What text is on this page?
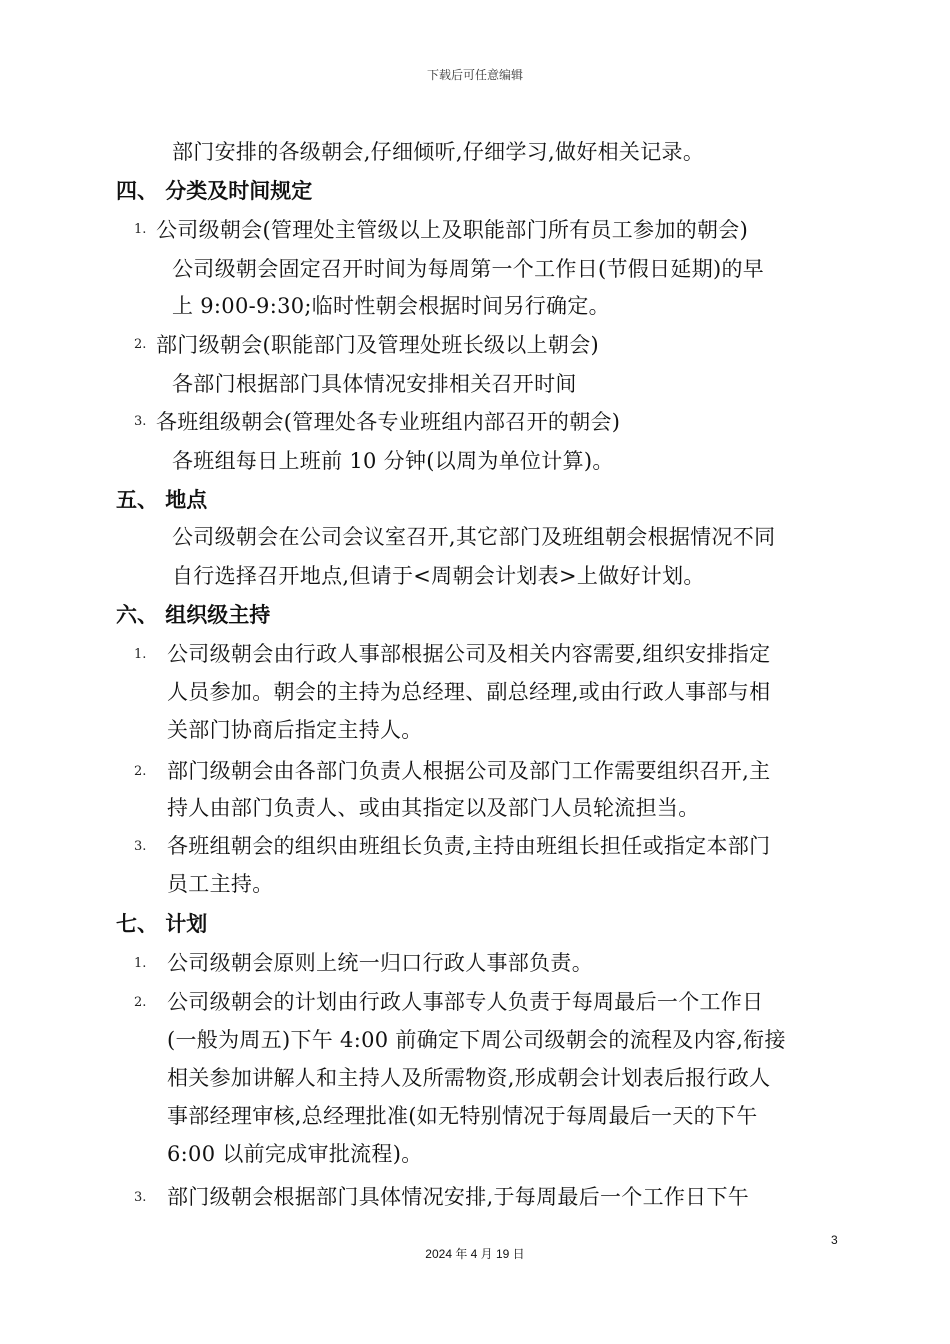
下载后可任意编辑
部门安排的各级朝会,仔细倾听,仔细学习,做好相关记录。
四、 分类及时间规定
1. 公司级朝会(管理处主管级以上及职能部门所有员工参加的朝会)
公司级朝会固定召开时间为每周第一个工作日(节假日延期)的早
上 9:00-9:30;临时性朝会根据时间另行确定。
2. 部门级朝会(职能部门及管理处班长级以上朝会)
各部门根据部门具体情况安排相关召开时间
3. 各班组级朝会(管理处各专业班组内部召开的朝会)
各班组每日上班前 10 分钟(以周为单位计算)。
五、 地点
公司级朝会在公司会议室召开,其它部门及班组朝会根据情况不同
自行选择召开地点,但请于<周朝会计划表>上做好计划。
六、 组织级主持
1. 公司级朝会由行政人事部根据公司及相关内容需要,组织安排指定
人员参加。朝会的主持为总经理、副总经理,或由行政人事部与相
关部门协商后指定主持人。
2. 部门级朝会由各部门负责人根据公司及部门工作需要组织召开,主
持人由部门负责人、或由其指定以及部门人员轮流担当。
3. 各班组朝会的组织由班组长负责,主持由班组长担任或指定本部门
员工主持。
七、 计划
1. 公司级朝会原则上统一归口行政人事部负责。
2. 公司级朝会的计划由行政人事部专人负责于每周最后一个工作日
(一般为周五)下午 4:00 前确定下周公司级朝会的流程及内容,衔接
相关参加讲解人和主持人及所需物资,形成朝会计划表后报行政人
事部经理审核,总经理批准(如无特别情况于每周最后一天的下午
6:00 以前完成审批流程)。
3. 部门级朝会根据部门具体情况安排,于每周最后一个工作日下午
3
2024 年 4 月 19 日
